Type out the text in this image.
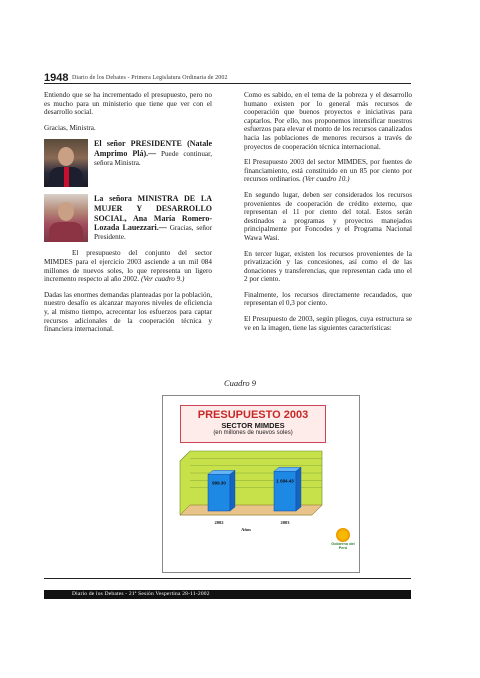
1948 Diario de los Debates - Primera Legislatura Ordinaria de 2002

Entiendo que se ha incrementado el presupuesto, pero no es mucho para un ministerio que tiene que ver con el desarrollo social.

Gracias, Ministra.

El señor PRESIDENTE (Natale Amprimo Plá).— Puede continuar, señora Ministra.
La señora MINISTRA DE LA MUJER Y DESARROLLO SOCIAL, Ana María Romero-Lozada Lauezzari.— Gracias, señor Presidente.

El presupuesto del conjunto del sector MIMDES para el ejercicio 2003 asciende a un mil 084 millones de nuevos soles, lo que representa un ligero incremento respecto al año 2002. (Ver cuadro 9.)

Dadas las enormes demandas planteadas por la población, nuestro desafío es alcanzar mayores niveles de eficiencia y, al mismo tiempo, acrecentar los esfuerzos para captar recursos adicionales de la cooperación técnica y financiera internacional.

Como es sabido, en el tema de la pobreza y el desarrollo humano existen por lo general más recursos de cooperación que buenos proyectos e iniciativas para captarlos. Por ello, nos proponemos intensificar nuestros esfuerzos para elevar el monto de los recursos canalizados hacia las poblaciones de menores recursos a través de proyectos de cooperación técnica internacional.

El Presupuesto 2003 del sector MIMDES, por fuentes de financiamiento, está constituido en un 85 por ciento por recursos ordinarios. (Ver cuadro 10.)

En segundo lugar, deben ser considerados los recursos provenientes de cooperación de crédito externo, que representan el 11 por ciento del total. Estos serán destinados a programas y proyectos manejados principalmente por Foncodes y el Programa Nacional Wawa Wasi.

En tercer lugar, existen los recursos provenientes de la privatización y las concesiones, así como el de las donaciones y transferencias, que representan cada uno el 2 por ciento.

Finalmente, los recursos directamente recaudados, que representan el 0,3 por ciento.

El Presupuesto de 2003, según pliegos, cuya estructura se ve en la imagen, tiene las siguientes características:

Cuadro 9
PRESUPUESTO 2003
SECTOR MIMDES
(en millones de nuevos soles)
999.30
2002
1 084.43
2003
Años
Gobierno del Perú
Diario de los Debates - 21ª Sesión Vespertina 28-11-2002
